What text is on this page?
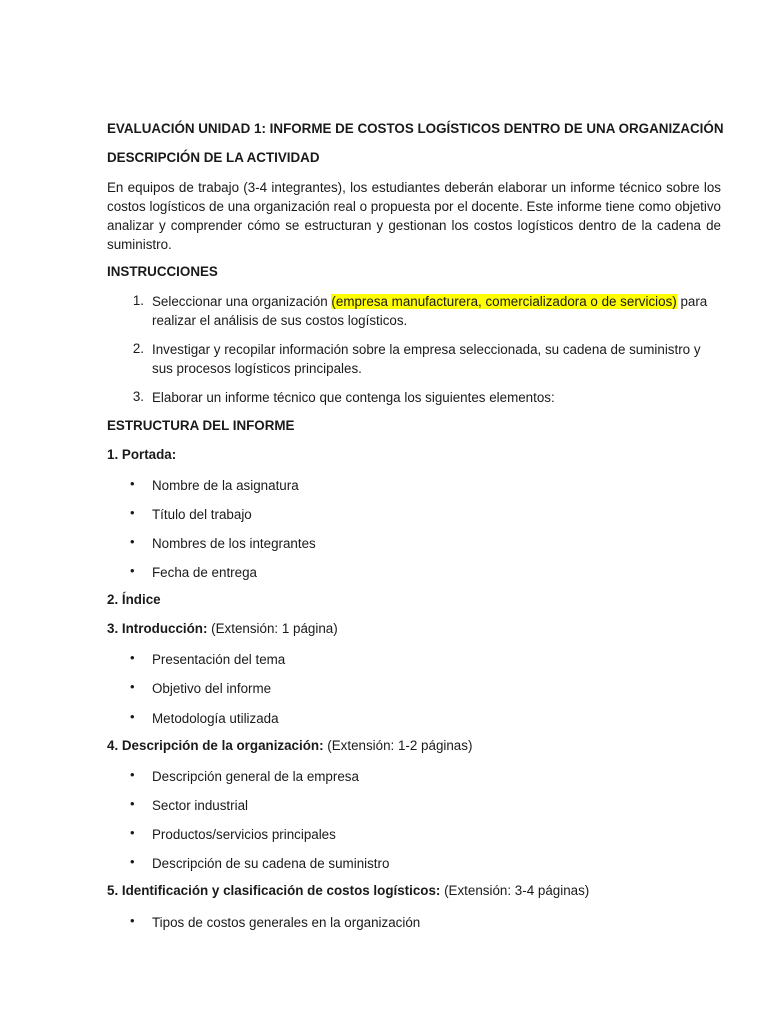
EVALUACIÓN UNIDAD 1: INFORME DE COSTOS LOGÍSTICOS DENTRO DE UNA ORGANIZACIÓN
DESCRIPCIÓN DE LA ACTIVIDAD
En equipos de trabajo (3-4 integrantes), los estudiantes deberán elaborar un informe técnico sobre los costos logísticos de una organización real o propuesta por el docente. Este informe tiene como objetivo analizar y comprender cómo se estructuran y gestionan los costos logísticos dentro de la cadena de suministro.
INSTRUCCIONES
1. Seleccionar una organización (empresa manufacturera, comercializadora o de servicios) para realizar el análisis de sus costos logísticos.
2. Investigar y recopilar información sobre la empresa seleccionada, su cadena de suministro y sus procesos logísticos principales.
3. Elaborar un informe técnico que contenga los siguientes elementos:
ESTRUCTURA DEL INFORME
1. Portada:
• Nombre de la asignatura
• Título del trabajo
• Nombres de los integrantes
• Fecha de entrega
2. Índice
3. Introducción: (Extensión: 1 página)
• Presentación del tema
• Objetivo del informe
• Metodología utilizada
4. Descripción de la organización: (Extensión: 1-2 páginas)
• Descripción general de la empresa
• Sector industrial
• Productos/servicios principales
• Descripción de su cadena de suministro
5. Identificación y clasificación de costos logísticos: (Extensión: 3-4 páginas)
• Tipos de costos generales en la organización
